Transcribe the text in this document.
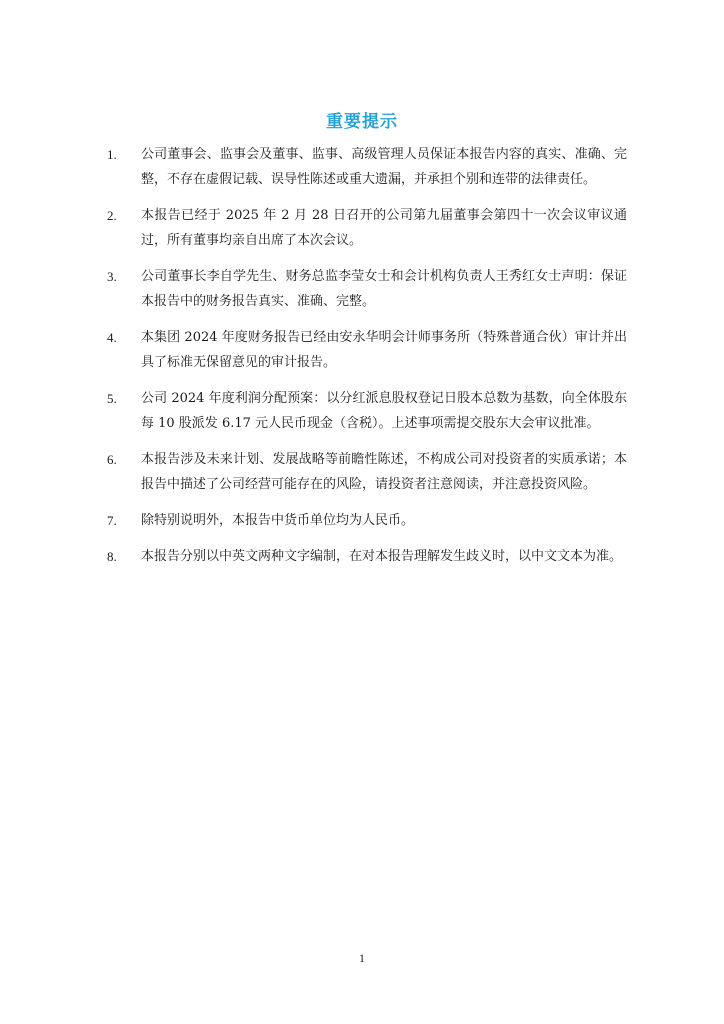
重要提示
1. 公司董事会、监事会及董事、监事、高级管理人员保证本报告内容的真实、准确、完整，不存在虚假记载、误导性陈述或重大遗漏，并承担个别和连带的法律责任。
2. 本报告已经于 2025 年 2 月 28 日召开的公司第九届董事会第四十一次会议审议通过，所有董事均亲自出席了本次会议。
3. 公司董事长李自学先生、财务总监李莹女士和会计机构负责人王秀红女士声明：保证本报告中的财务报告真实、准确、完整。
4. 本集团 2024 年度财务报告已经由安永华明会计师事务所（特殊普通合伙）审计并出具了标准无保留意见的审计报告。
5. 公司 2024 年度利润分配预案：以分红派息股权登记日股本总数为基数，向全体股东每 10 股派发 6.17 元人民币现金（含税）。上述事项需提交股东大会审议批准。
6. 本报告涉及未来计划、发展战略等前瞻性陈述，不构成公司对投资者的实质承诺；本报告中描述了公司经营可能存在的风险，请投资者注意阅读，并注意投资风险。
7. 除特别说明外，本报告中货币单位均为人民币。
8. 本报告分别以中英文两种文字编制，在对本报告理解发生歧义时，以中文文本为准。
1
